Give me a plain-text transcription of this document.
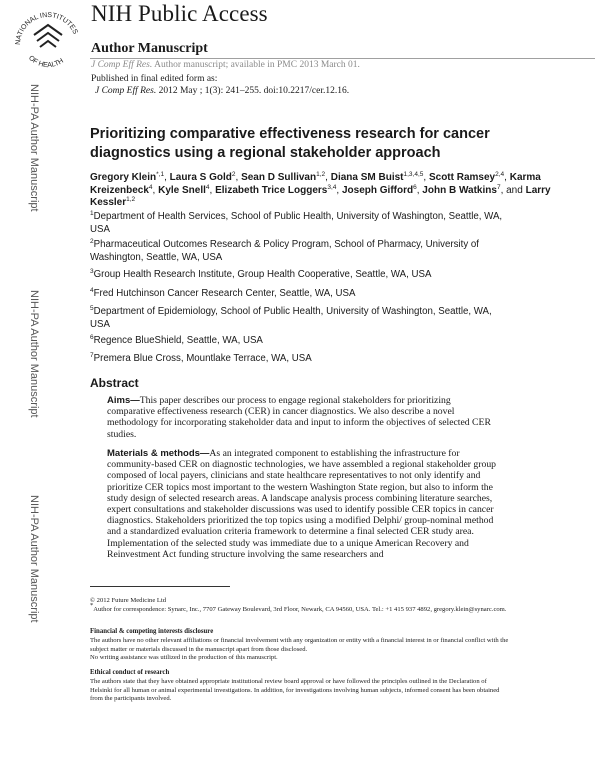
NATIONAL INSTITUTES
OF HEALTH
NIH Public Access
Author Manuscript
J Comp Eff Res. Author manuscript; available in PMC 2013 March 01.
Published in final edited form as:
J Comp Eff Res. 2012 May ; 1(3): 241–255. doi:10.2217/cer.12.16.
NIH-PA Author Manuscript
NIH-PA Author Manuscript
NIH-PA Author Manuscript
Prioritizing comparative effectiveness research for cancer diagnostics using a regional stakeholder approach
Gregory Klein$^{*,1}$, Laura S Gold$^2$, Sean D Sullivan$^{1,2}$, Diana SM Buist$^{1,3,4,5}$, Scott Ramsey$^{2,4}$, Karma Kreizenbeck$^4$, Kyle Snell$^4$, Elizabeth Trice Loggers$^{3,4}$, Joseph Gifford$^6$, John B Watkins$^7$, and Larry Kessler$^{1,2}$
$^1$Department of Health Services, School of Public Health, University of Washington, Seattle, WA, USA
$^2$Pharmaceutical Outcomes Research & Policy Program, School of Pharmacy, University of Washington, Seattle, WA, USA
$^3$Group Health Research Institute, Group Health Cooperative, Seattle, WA, USA
$^4$Fred Hutchinson Cancer Research Center, Seattle, WA, USA
$^5$Department of Epidemiology, School of Public Health, University of Washington, Seattle, WA, USA
$^6$Regence BlueShield, Seattle, WA, USA
$^7$Premera Blue Cross, Mountlake Terrace, WA, USA
Abstract
Aims—This paper describes our process to engage regional stakeholders for prioritizing comparative effectiveness research (CER) in cancer diagnostics. We also describe a novel methodology for incorporating stakeholder data and input to inform the objectives of selected CER studies.
Materials & methods—As an integrated component to establishing the infrastructure for community-based CER on diagnostic technologies, we have assembled a regional stakeholder group composed of local payers, clinicians and state healthcare representatives to not only identify and prioritize CER topics most important to the western Washington State region, but also to inform the study design of selected research areas. A landscape analysis process combining literature searches, expert consultations and stakeholder discussions was used to identify possible CER topics in cancer diagnostics. Stakeholders prioritized the top topics using a modified Delphi/ group-nominal method and a standardized evaluation criteria framework to determine a final selected CER study area. Implementation of the selected study was immediate due to a unique American Recovery and Reinvestment Act funding structure involving the same researchers and
© 2012 Future Medicine Ltd
*Author for correspondence: Synarc, Inc., 7707 Gateway Boulevard, 3rd Floor, Newark, CA 94560, USA. Tel.: +1 415 937 4892, gregory.klein@synarc.com.
Financial & competing interests disclosure
The authors have no other relevant affiliations or financial involvement with any organization or entity with a financial interest in or financial conflict with the subject matter or materials discussed in the manuscript apart from those disclosed.
No writing assistance was utilized in the production of this manuscript.
Ethical conduct of research
The authors state that they have obtained appropriate institutional review board approval or have followed the principles outlined in the Declaration of Helsinki for all human or animal experimental investigations. In addition, for investigations involving human subjects, informed consent has been obtained from the participants involved.
